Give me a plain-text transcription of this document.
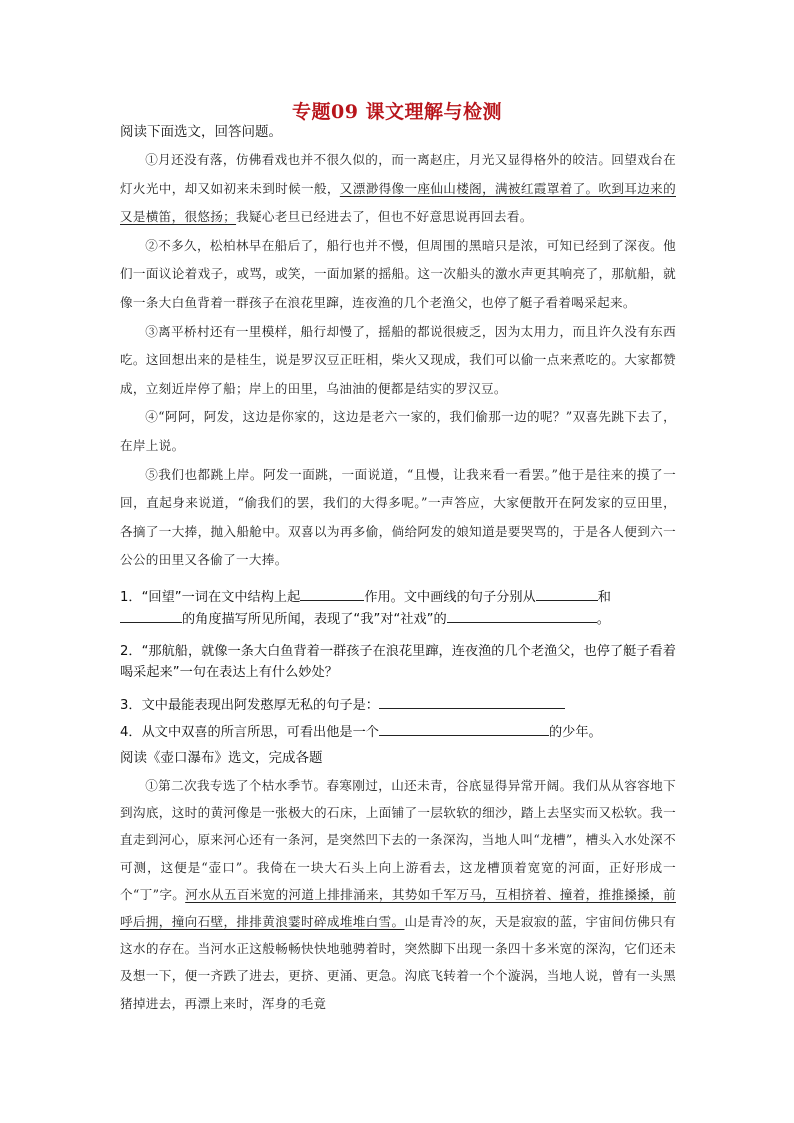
专题09 课文理解与检测
阅读下面选文，回答问题。

①月还没有落，仿佛看戏也并不很久似的，而一离赵庄，月光又显得格外的皎洁。回望戏台在灯火光中，却又如初来未到时候一般，又漂渺得像一座仙山楼阁，满被红霞罩着了。吹到耳边来的又是横笛，很悠扬；我疑心老旦已经进去了，但也不好意思说再回去看。

②不多久，松柏林早在船后了，船行也并不慢，但周围的黑暗只是浓，可知已经到了深夜。他们一面议论着戏子，或骂，或笑，一面加紧的摇船。这一次船头的激水声更其响亮了，那航船，就像一条大白鱼背着一群孩子在浪花里蹿，连夜渔的几个老渔父，也停了艇子看着喝采起来。

③离平桥村还有一里模样，船行却慢了，摇船的都说很疲乏，因为太用力，而且许久没有东西吃。这回想出来的是桂生，说是罗汉豆正旺相，柴火又现成，我们可以偷一点来煮吃的。大家都赞成，立刻近岸停了船；岸上的田里，乌油油的便都是结实的罗汉豆。

④“阿阿，阿发，这边是你家的，这边是老六一家的，我们偷那一边的呢？”双喜先跳下去了，在岸上说。

⑤我们也都跳上岸。阿发一面跳，一面说道，“且慢，让我来看一看罢。”他于是往来的摸了一回，直起身来说道，“偷我们的罢，我们的大得多呢。”一声答应，大家便散开在阿发家的豆田里，各摘了一大捧，抛入船舱中。双喜以为再多偷，倘给阿发的娘知道是要哭骂的，于是各人便到六一公公的田里又各偷了一大捧。

1．“回望”一词在文中结构上起	作用。文中画线的句子分别从	和
的角度描写所见所闻，表现了“我”对“社戏”的	。
2．“那航船，就像一条大白鱼背着一群孩子在浪花里蹿，连夜渔的几个老渔父，也停了艇子看着喝采起来”一句在表达上有什么妙处？
3．文中最能表现出阿发憨厚无私的句子是：
4．从文中双喜的所言所思，可看出他是一个	的少年。
阅读《壶口瀑布》选文，完成各题

①第二次我专选了个枯水季节。春寒刚过，山还未青，谷底显得异常开阔。我们从从容容地下到沟底，这时的黄河像是一张极大的石床，上面铺了一层软软的细沙，踏上去坚实而又松软。我一直走到河心，原来河心还有一条河，是突然凹下去的一条深沟，当地人叫“龙槽”，槽头入水处深不可测，这便是“壶口”。我倚在一块大石头上向上游看去，这龙槽顶着宽宽的河面，正好形成一个“丁”字。河水从五百米宽的河道上排排涌来，其势如千军万马，互相挤着、撞着，推推搡搡，前呼后拥，撞向石壁，排排黄浪霎时碎成堆堆白雪。山是青冷的灰，天是寂寂的蓝，宇宙间仿佛只有这水的存在。当河水正这般畅畅快快地驰骋着时，突然脚下出现一条四十多米宽的深沟，它们还未及想一下，便一齐跌了进去，更挤、更涌、更急。沟底飞转着一个个漩涡，当地人说，曾有一头黑猪掉进去，再漂上来时，浑身的毛竟
